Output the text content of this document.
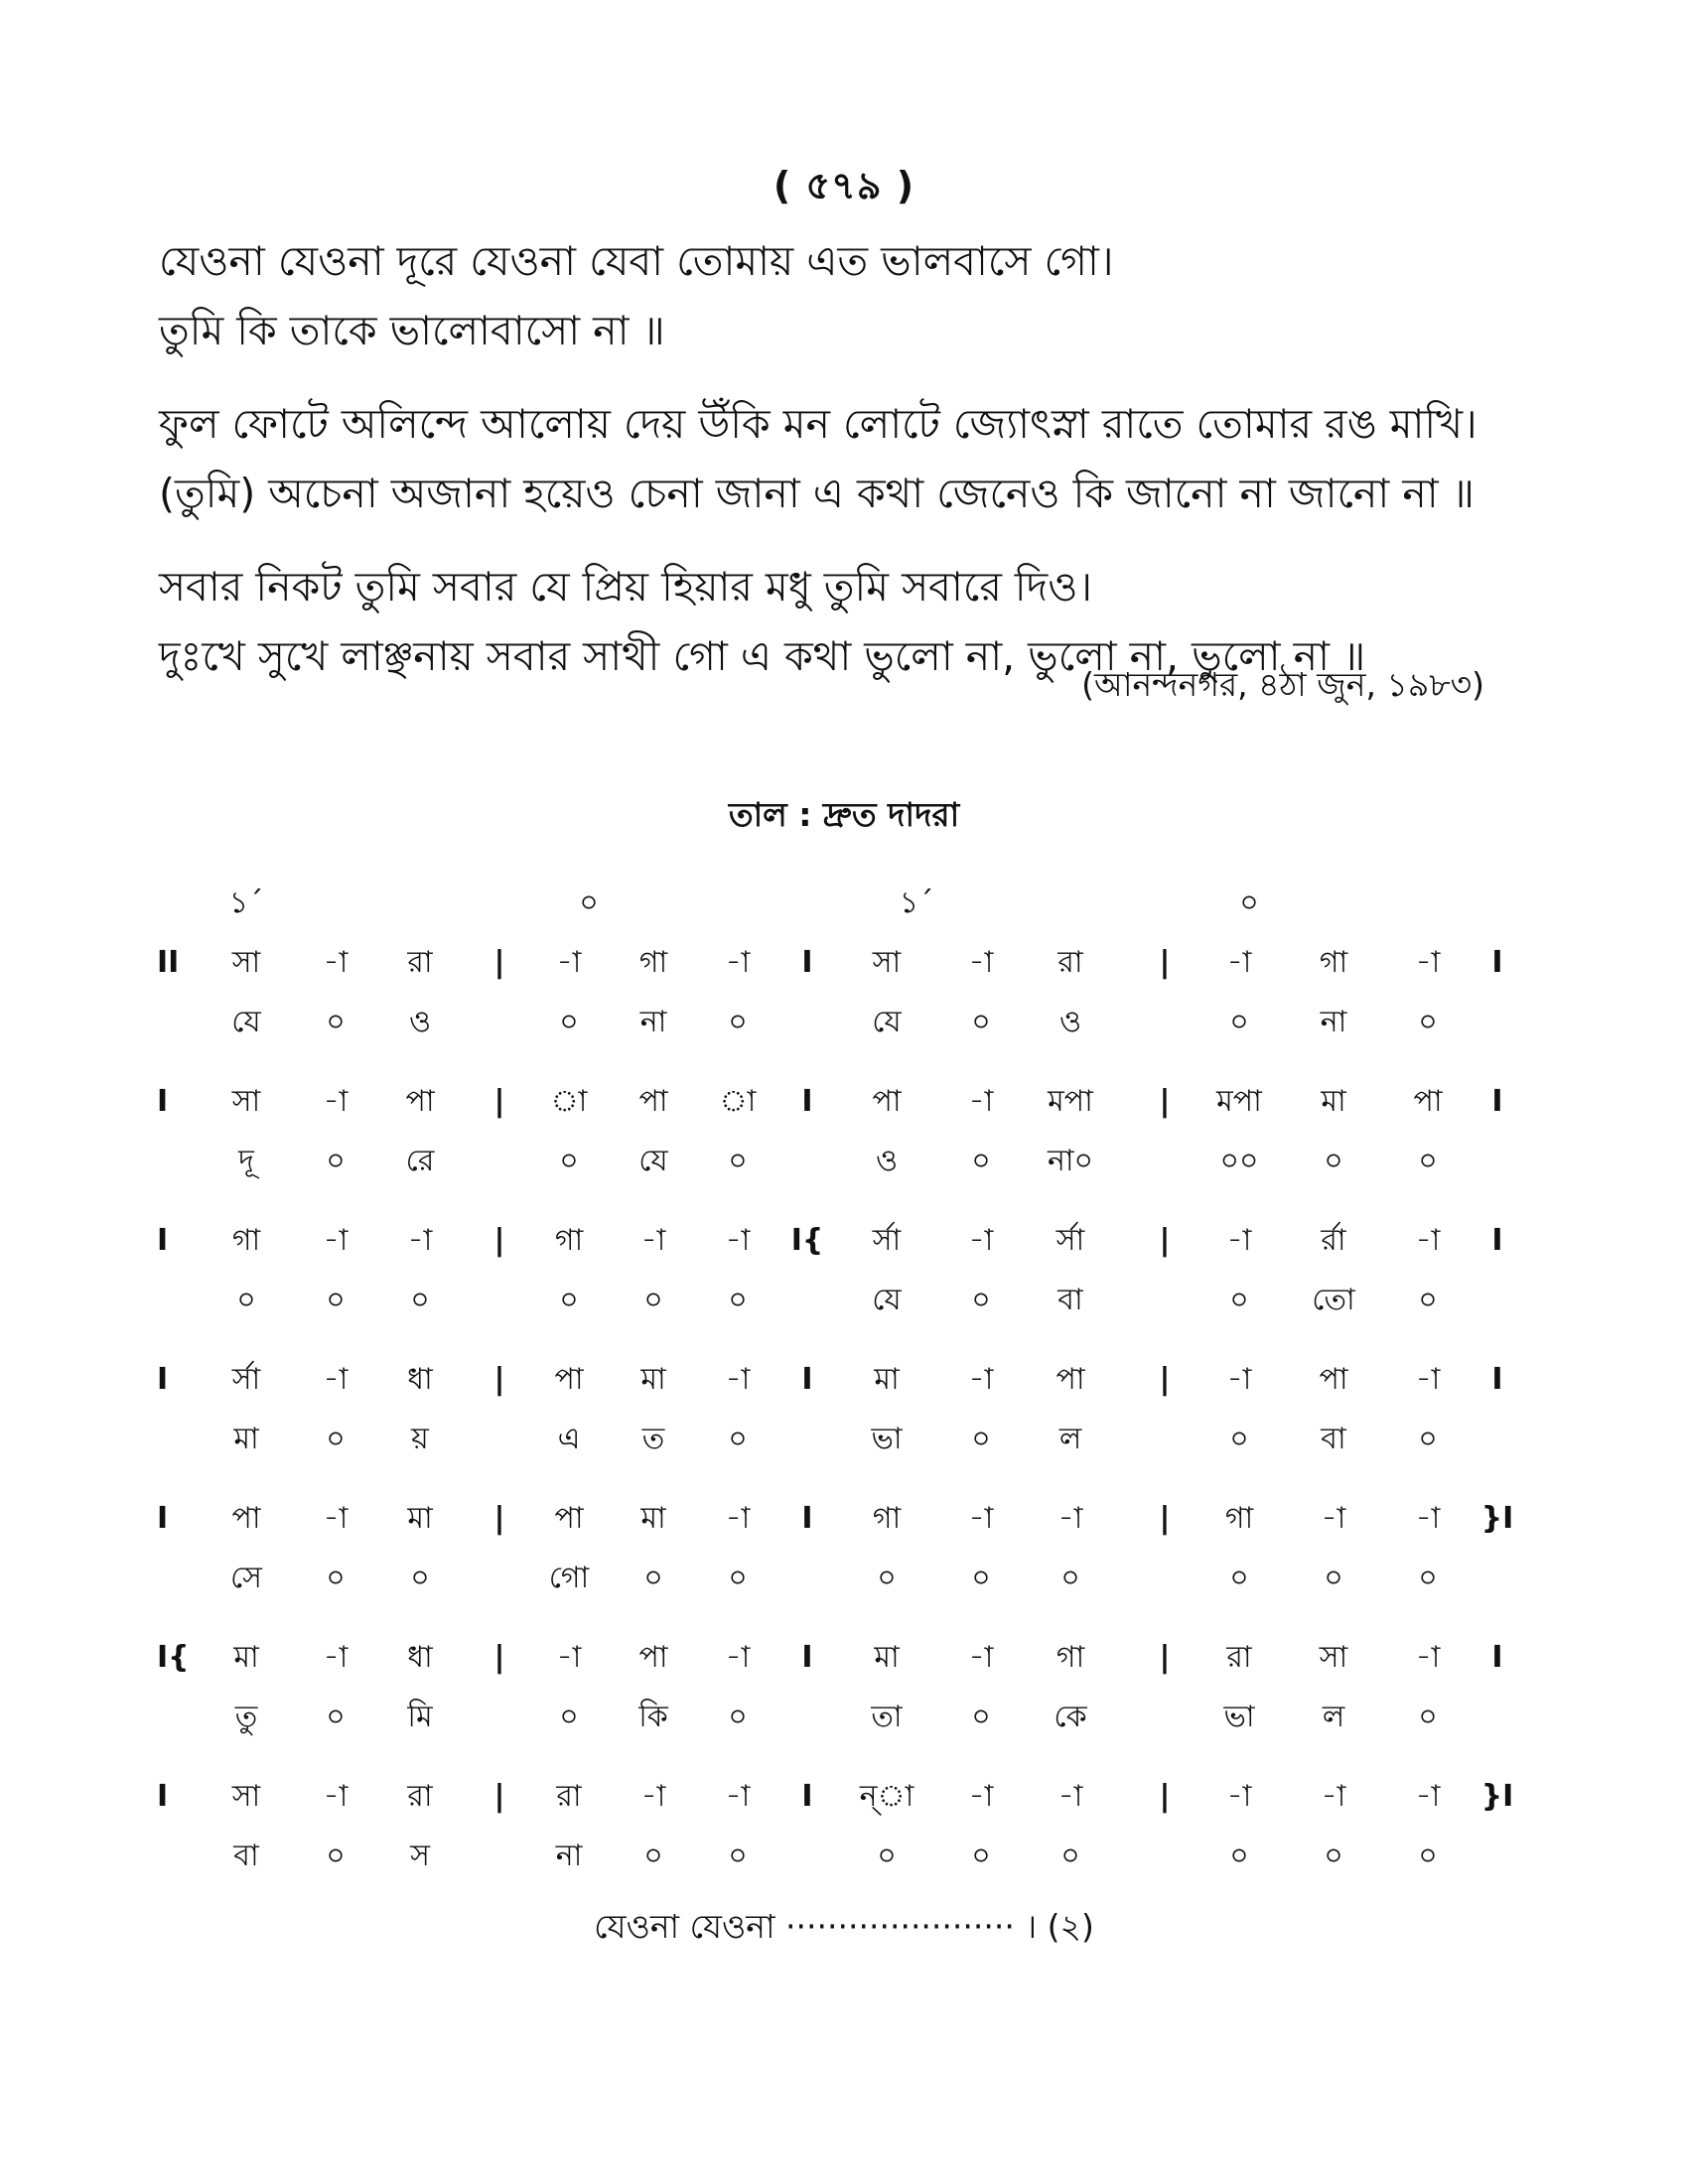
( ৫৭৯ )
যেওনা যেওনা দূরে যেওনা যেবা তোমায় এত ভালবাসে গো।
তুমি কি তাকে ভালোবাসো না ॥
ফুল ফোটে অলিন্দে আলোয় দেয় উঁকি মন লোটে জ্যোৎস্না রাতে তোমার রঙ মাখি।
(তুমি) অচেনা অজানা হয়েও চেনা জানা এ কথা জেনেও কি জানো না জানো না ॥
সবার নিকট তুমি সবার যে প্রিয় হিয়ার মধু তুমি সবারে দিও।
দুঃখে সুখে লাঞ্ছনায় সবার সাথী গো এ কথা ভুলো না, ভুলো না, ভুলো না ॥
(আনন্দনগর, ৪ঠা জুন, ১৯৮৩)
তাল : দ্রুত দাদরা
১´	০	১´	০
II	সা	-া	রা	|	-া	গা	-া	I	সা	-া	রা	|	-া	গা	-া	I
যে	০	ও	০	না	০	যে	০	ও	০	না	০
I	সা	-া	পা	|	া	পা	া	I	পা	-া	মপা	|	মপা	মা	পা	I
দূ	০	রে	০	যে	০	ও	০	না০	০০	০	০
I	গা	-া	-া	|	গা	-া	-া	I{	র্সা	-া	র্সা	|	-া	র্রা	-া	I
০	০	০	০	০	০	যে	০	বা	০	তো	০
I	র্সা	-া	ধা	|	পা	মা	-া	I	মা	-া	পা	|	-া	পা	-া	I
মা	০	য়	এ	ত	০	ভা	০	ল	০	বা	০
I	পা	-া	মা	|	পা	মা	-া	I	গা	-া	-া	|	গা	-া	-া	}I
সে	০	০	গো	০	০	০	০	০	০	০	০
I{	মা	-া	ধা	|	-া	পা	-া	I	মা	-া	গা	|	রা	সা	-া	I
তু	০	মি	০	কি	০	তা	০	কে	ভা	ল	০
I	সা	-া	রা	|	রা	-া	-া	I	ন্‌া	-া	-া	|	-া	-া	-া	}I
বা	০	স	না	০	০	০	০	০	০	০	০
যেওনা যেওনা ······················ । (২)
